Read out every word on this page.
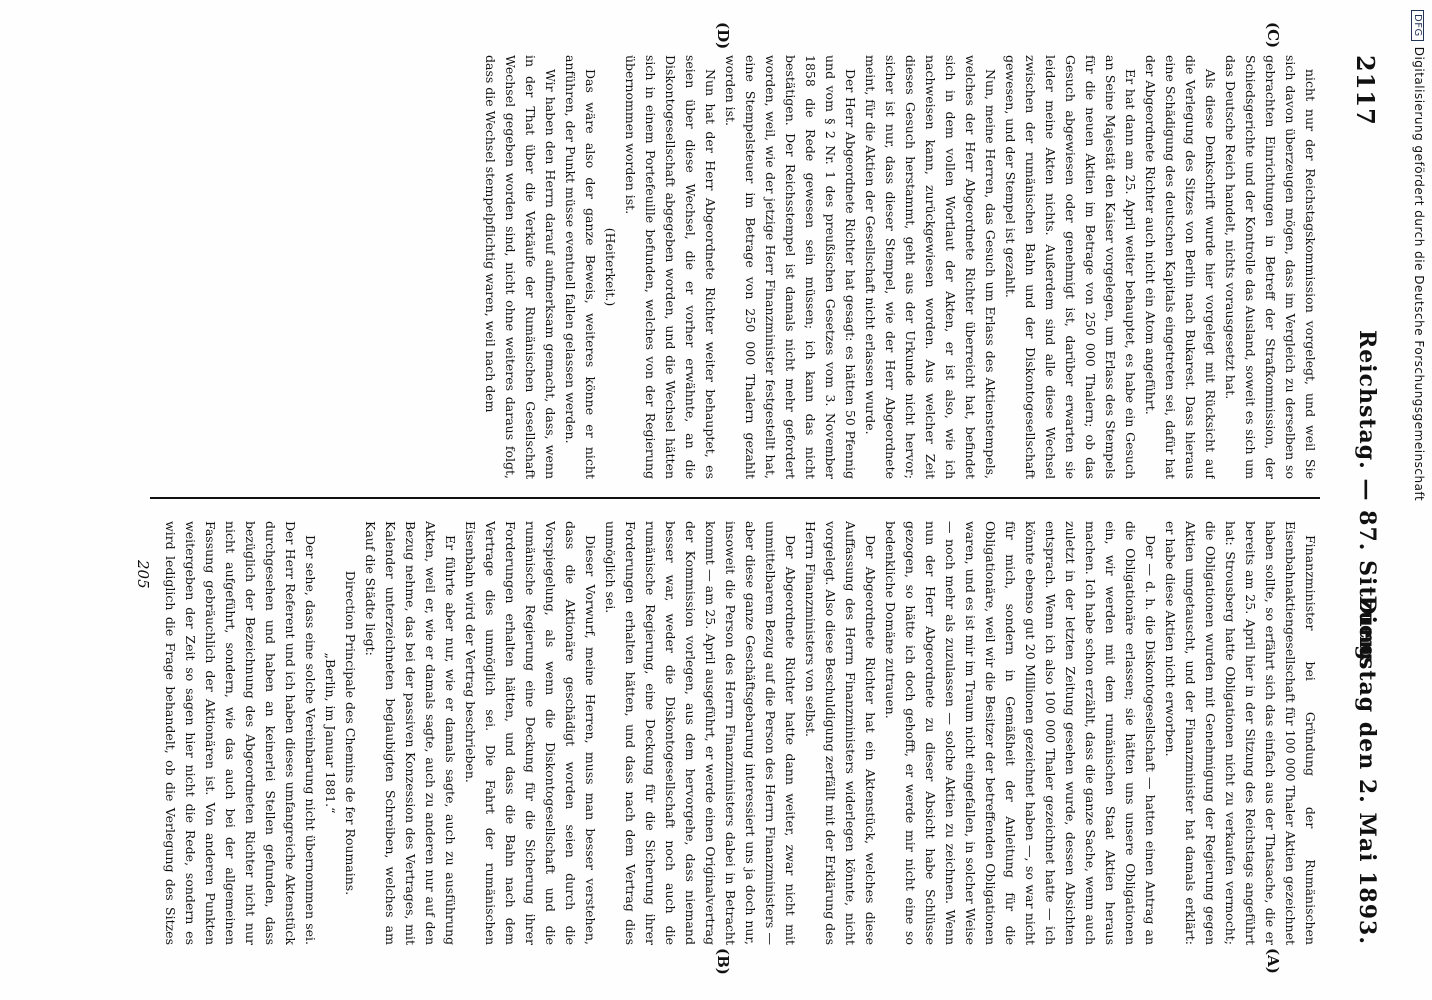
DFGDigitalisierung gefördert durch die Deutsche Forschungsgemeinschaft
2117
Reichstag. — 87. Sitzung.
Dienstag den 2. Mai 1893.
(C)
(D)
(A)
(B)

nicht nur der Reichstagskommission vorgelegt, und weil Sie sich davon überzeugen mögen, dass im Vergleich zu derselben so gebrachten Einrichtungen in Betreff der Strafkommission, der Schiedsgerichte und der Kontrolle das Ausland, soweit es sich um das Deutsche Reich handelt, nichts vorausgesetzt hat.

Als diese Denkschrift wurde hier vorgelegt mit Rücksicht auf die Verlegung des Sitzes von Berlin nach Bukarest. Dass hieraus eine Schädigung des deutschen Kapitals eingetreten sei, dafür hat der Abgeordnete Richter auch nicht ein Atom angeführt.

Er hat dann am 25. April weiter behauptet, es habe ein Gesuch an Seine Majestät den Kaiser vorgelegen, um Erlass des Stempels für die neuen Aktien im Betrage von 250 000 Thalern; ob das Gesuch abgewiesen oder genehmigt ist, darüber erwarten sie leider meine Akten nichts. Außerdem sind alle diese Wechsel zwischen der rumänischen Bahn und der Diskontogesellschaft gewesen, und der Stempel ist gezahlt.

Nun, meine Herren, das Gesuch um Erlass des Aktienstempels, welches der Herr Abgeordnete Richter überreicht hat, befindet sich in dem vollen Wortlaut der Akten, er ist also, wie ich nachweisen kann, zurückgewiesen worden. Aus welcher Zeit dieses Gesuch herstammt, geht aus der Urkunde nicht hervor; sicher ist nur, dass dieser Stempel, wie der Herr Abgeordnete meint, für die Aktien der Gesellschaft nicht erlassen wurde.

Der Herr Abgeordnete Richter hat gesagt: es hätten 50 Pfennig und vom § 2 Nr. 1 des preußischen Gesetzes vom 3. November 1858 die Rede gewesen sein müssen; ich kann das nicht bestätigen. Der Reichsstempel ist damals nicht mehr gefordert worden, weil, wie der jetzige Herr Finanzminister festgestellt hat, eine Stempelsteuer im Betrage von 250 000 Thalern gezahlt worden ist.

Nun hat der Herr Abgeordnete Richter weiter behauptet, es seien über diese Wechsel, die er vorher erwähnte, an die Diskontogesellschaft abgegeben worden, und die Wechsel hätten sich in einem Portefeuille befunden, welches von der Regierung übernommen worden ist.

(Heiterkeit.)

Das wäre also der ganze Beweis, weiteres könne er nicht anführen, der Punkt müsse eventuell fallen gelassen werden.

Wir haben den Herrn darauf aufmerksam gemacht, dass, wenn in der That über die Verkäufe der Rumänischen Gesellschaft Wechsel gegeben worden sind, nicht ohne weiteres daraus folgt, dass die Wechsel stempelpflichtig waren, weil nach dem

Finanzminister bei Gründung der Rumänischen Eisenbahnaktiengesellschaft für 100 000 Thaler Aktien gezeichnet haben sollte, so erfährt sich das einfach aus der Thatsache, die er bereits am 25. April hier in der Sitzung des Reichstags angeführt hat: Strousberg hatte Obligationen nicht zu verkaufen vermocht; die Obligationen wurden mit Genehmigung der Regierung gegen Aktien umgetauscht, und der Finanzminister hat damals erklärt: er habe diese Aktien nicht erworben.

Der — d. h. die Diskontogesellschaft — hatten einen Antrag an die Obligationäre erlassen; sie hätten uns unsere Obligationen ein, wir werden mit dem rumänischen Staat Aktien heraus machen. Ich habe schon erzählt, dass die ganze Sache, wenn auch zuletzt in der letzten Zeitung gesehen wurde, dessen Absichten entsprach. Wenn ich also 100 000 Thaler gezeichnet hatte — ich könnte ebenso gut 20 Millionen gezeichnet haben —, so war nicht für mich, sondern in Gemäßheit der Anleitung für die Obligationäre, weil wir die Besitzer der betreffenden Obligationen waren, und es ist mir im Traum nicht eingefallen, in solcher Weise — noch mehr als zuzulassen — solche Aktien zu zeichnen. Wenn nun der Herr Abgeordnete zu dieser Absicht habe Schlüsse gezogen, so hätte ich doch gehofft, er werde mir nicht eine so bedenkliche Domäne zutrauen.

Der Abgeordnete Richter hat ein Aktenstück, welches diese Auffassung des Herrn Finanzministers widerlegen könnte, nicht vorgelegt. Also diese Beschuldigung zerfällt mit der Erklärung des Herrn Finanzministers von selbst.

Der Abgeordnete Richter hatte dann weiter, zwar nicht mit unmittelbarem Bezug auf die Person des Herrn Finanzministers — aber diese ganze Geschäftsgebarung interessiert uns ja doch nur, insoweit die Person des Herrn Finanzministers dabei in Betracht kommt — am 25. April ausgeführt, er werde einen Originalvertrag der Kommission vorlegen, aus dem hervorgehe, dass niemand besser war, weder die Diskontogesellschaft noch auch die rumänische Regierung, eine Deckung für die Sicherung ihrer Forderungen erhalten hätten, und dass nach dem Vertrag dies unmöglich sei.

Dieser Vorwurf, meine Herren, muss man besser verstehen, dass die Aktionäre geschädigt worden seien durch die Vorspiegelung, als wenn die Diskontogesellschaft und die rumänische Regierung eine Deckung für die Sicherung ihrer Forderungen erhalten hätten, und dass die Bahn nach dem Vertrage dies unmöglich sei. Die Fahrt der rumänischen Eisenbahn wird der Vertrag beschrieben.

Er führte aber nur, wie er damals sagte, auch zu ausführung Akten, weil er, wie er damals sagte, auch zu anderen nur auf den Bezug nehme, das bei der passiven Konzession des Vertrages, mit Kalender unterzeichneten beglaubigten Schreiben, welches am Kauf die Städte liegt:

Direction Principale des Chemins de fer Roumains.

„Berlin, im Januar 1881.“

Der sehe, dass eine solche Vereinbarung nicht übernommen sei. Der Herr Referent und ich haben dieses umfangreiche Aktenstück durchgesehen und haben an keinerlei Stellen gefunden, dass bezüglich der Bezeichnung des Abgeordneten Richter nicht nur nicht aufgeführt, sondern, wie das auch bei der allgemeinen Fassung gebräuchlich der Aktionären ist. Von anderen Punkten weitergeben der Zeit so sagen hier nicht die Rede, sondern es wird lediglich die Frage behandelt, ob die Verlegung des Sitzes

205
